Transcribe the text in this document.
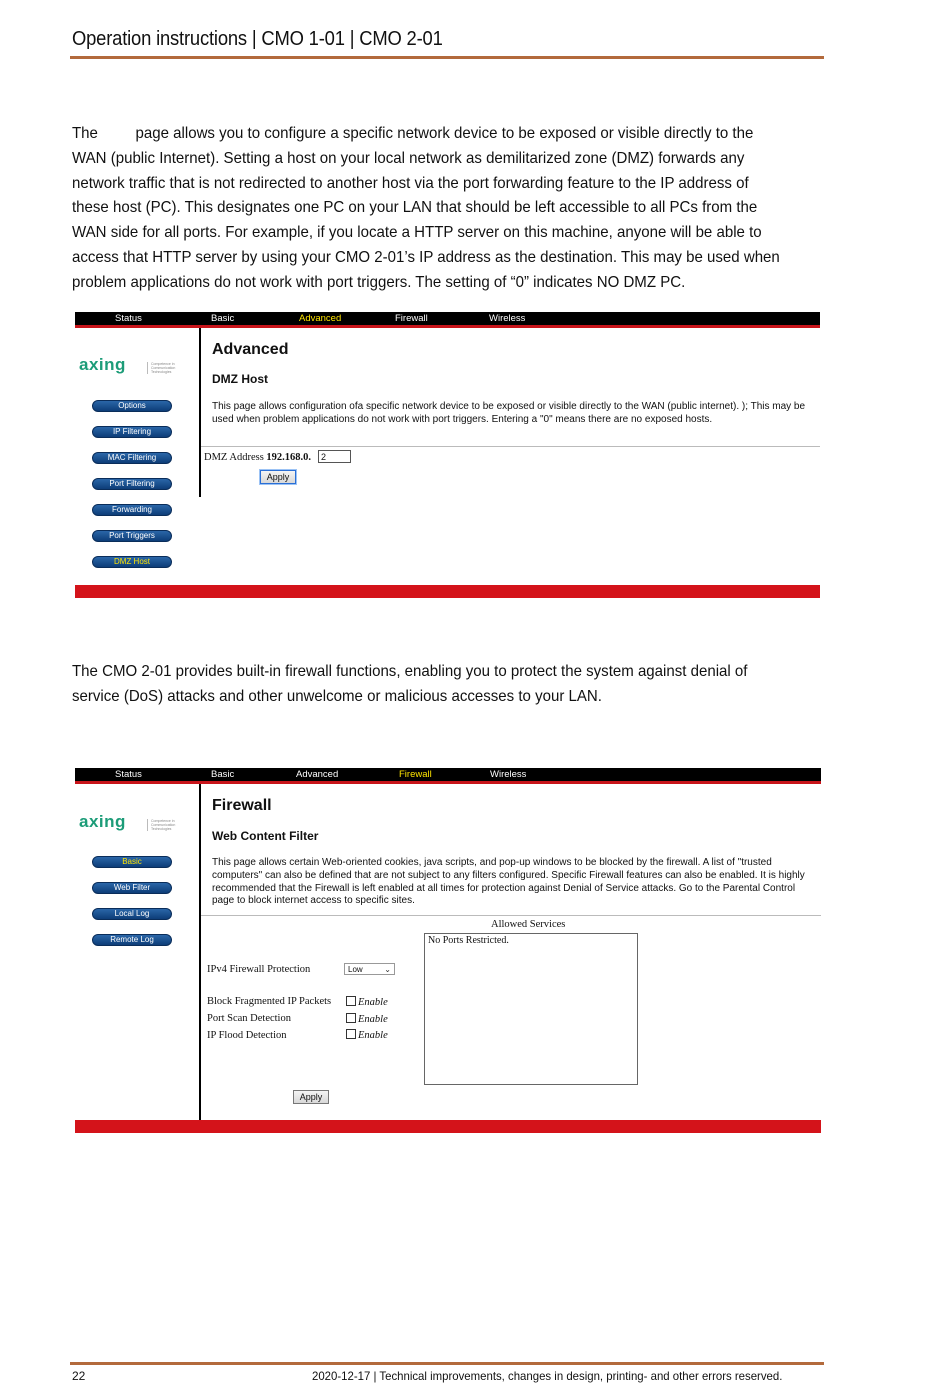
Operation instructions | CMO 1-01 | CMO 2-01
The page allows you to configure a specific network device to be exposed or visible directly to the WAN (public Internet). Setting a host on your local network as demilitarized zone (DMZ) forwards any network traffic that is not redirected to another host via the port forwarding feature to the IP address of these host (PC). This designates one PC on your LAN that should be left accessible to all PCs from the WAN side for all ports. For example, if you locate a HTTP server on this machine, anyone will be able to access that HTTP server by using your CMO 2-01’s IP address as the destination. This may be used when problem applications do not work with port triggers. The setting of “0” indicates NO DMZ PC.
Status	Basic	Advanced	Firewall	Wireless
axing	Competence in Communication Technologies
Options
IP Filtering
MAC Filtering
Port Filtering
Forwarding
Port Triggers
DMZ Host
Advanced
DMZ Host
This page allows configuration ofa specific network device to be exposed or visible directly to the WAN (public internet). ); This may be used when problem applications do not work with port triggers. Entering a "0" means there are no exposed hosts.
DMZ Address 192.168.0.	2
Apply
The CMO 2-01 provides built-in firewall functions, enabling you to protect the system against denial of service (DoS) attacks and other unwelcome or malicious accesses to your LAN.
Status	Basic	Advanced	Firewall	Wireless
axing	Competence in Communication Technologies
Basic
Web Filter
Local Log
Remote Log
Firewall
Web Content Filter
This page allows certain Web-oriented cookies, java scripts, and pop-up windows to be blocked by the firewall. A list of "trusted computers" can also be defined that are not subject to any filters configured. Specific Firewall features can also be enabled. It is highly recommended that the Firewall is left enabled at all times for protection against Denial of Service attacks. Go to the Parental Control page to block internet access to specific sites.
Allowed Services
No Ports Restricted.
IPv4 Firewall Protection	Low	⌄
Block Fragmented IP Packets	Enable
Port Scan Detection	Enable
IP Flood Detection	Enable
Apply
22	2020-12-17 | Technical improvements, changes in design, printing- and other errors reserved.
